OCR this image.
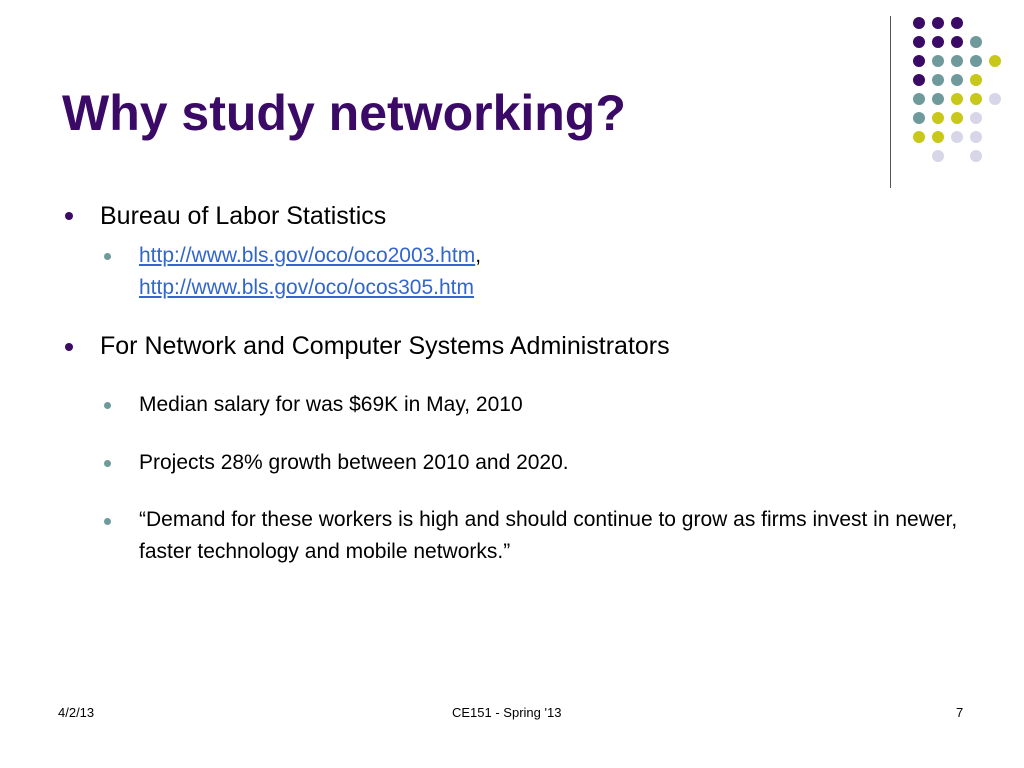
Why study networking?
Bureau of Labor Statistics
http://www.bls.gov/oco/oco2003.htm,
http://www.bls.gov/oco/ocos305.htm
For Network and Computer Systems Administrators
Median salary for was $69K in May, 2010
Projects 28% growth between 2010 and 2020.
“Demand for these workers is high and should continue to grow as firms invest in newer, faster technology and mobile networks.”
4/2/13	CE151 - Spring '13	7
